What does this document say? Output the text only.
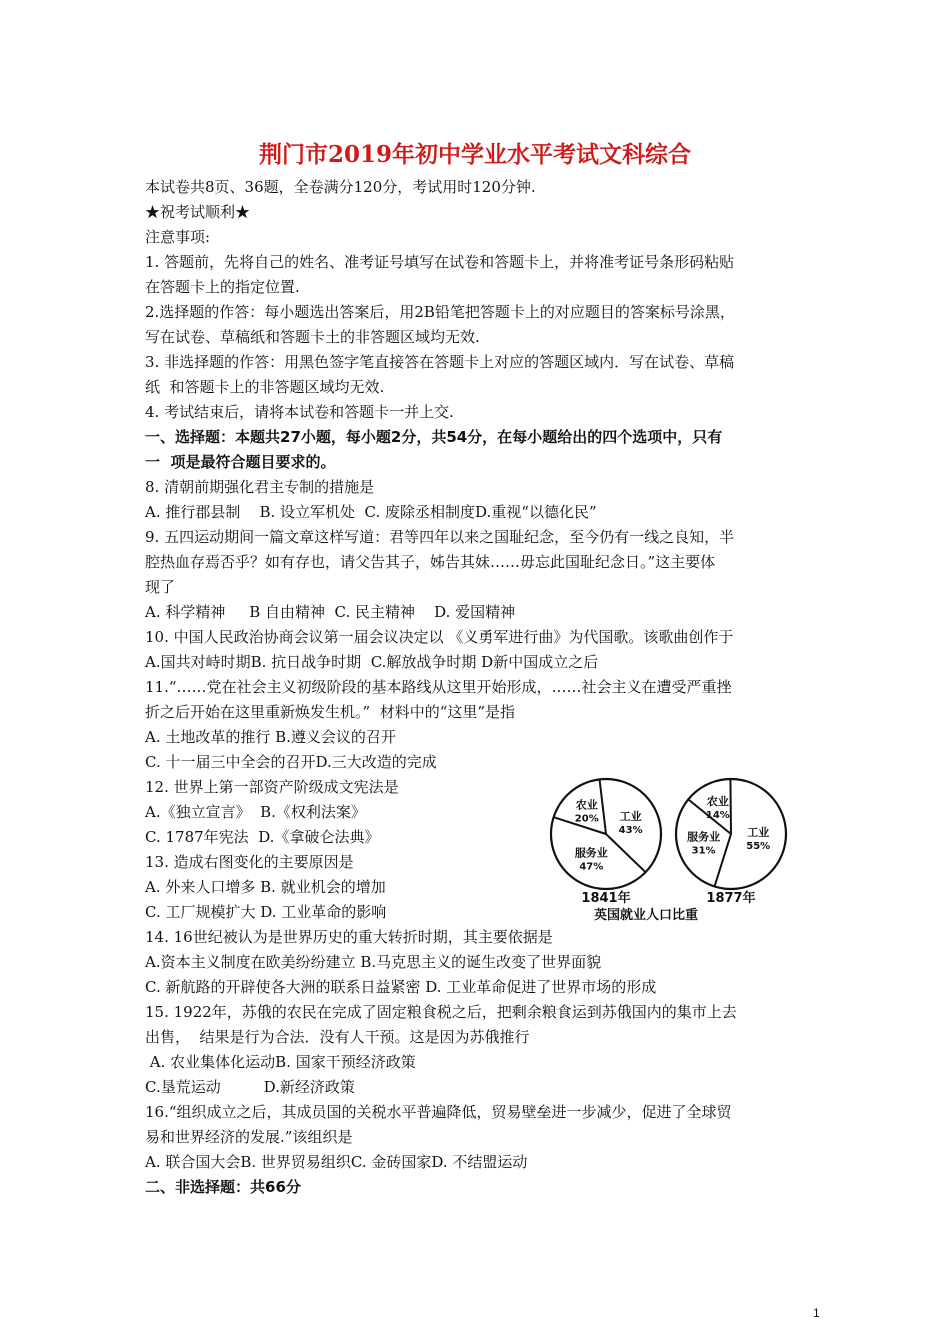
荆门市2019年初中学业水平考试文科综合
本试卷共8页、36题，全卷满分120分，考试用时120分钟.
★祝考试顺利★
注意事项:
1. 答题前，先将自己的姓名、准考证号填写在试卷和答题卡上，并将准考证号条形码粘贴
在答题卡上的指定位置.
2.选择题的作答：每小题选出答案后，用2B铅笔把答题卡上的对应题目的答案标号涂黑，
写在试卷、草稿纸和答题卡土的非答题区域均无效.
3. 非选择题的作答：用黑色签字笔直接答在答题卡上对应的答题区域内．写在试卷、草稿
纸  和答题卡上的非答题区域均无效.
4. 考试结束后，请将本试卷和答题卡一并上交.
一、选择题：本题共27小题，每小题2分，共54分，在每小题给出的四个选项中，只有
一  项是最符合题目要求的。
8. 清朝前期强化君主专制的措施是
A. 推行郡县制    B. 设立军机处  C. 废除丞相制度D.重视“以德化民”
9. 五四运动期间一篇文章这样写道：君等四年以来之国耻纪念，至今仍有一线之良知，半
腔热血存焉否乎？如有存也，请父告其子，姊告其妹……毋忘此国耻纪念日。”这主要体
现了
A. 科学精神     B 自由精神  C. 民主精神    D. 爱国精神
10. 中国人民政治协商会议第一届会议决定以 《义勇军进行曲》为代国歌。该歌曲创作于
A.国共对峙时期B. 抗日战争时期  C.解放战争时期 D新中国成立之后
11.“……党在社会主义初级阶段的基本路线从这里开始形成，……社会主义在遭受严重挫
折之后开始在这里重新焕发生机。”  材料中的“这里”是指
A. 土地改革的推行 B.遵义会议的召开
C. 十一届三中全会的召开D.三大改造的完成
12. 世界上第一部资产阶级成文宪法是
A.《独立宣言》  B.《权利法案》
C. 1787年宪法  D.《拿破仑法典》
13. 造成右图变化的主要原因是
A. 外来人口增多 B. 就业机会的增加
C. 工厂规模扩大 D. 工业革命的影响
14. 16世纪被认为是世界历史的重大转折时期，其主要依据是
A.资本主义制度在欧美纷纷建立 B.马克思主义的诞生改变了世界面貌
C. 新航路的开辟使各大洲的联系日益紧密 D. 工业革命促进了世界市场的形成
15. 1922年，苏俄的农民在完成了固定粮食税之后，把剩余粮食运到苏俄国内的集市上去
出售，  结果是行为合法．没有人干预。这是因为苏俄推行
A. 农业集体化运动B. 国家干预经济政策
C.垦荒运动         D.新经济政策
16.“组织成立之后，其成员国的关税水平普遍降低，贸易壁垒进一步减少，促进了全球贸
易和世界经济的发展.”该组织是
A. 联合国大会B. 世界贸易组织C. 金砖国家D. 不结盟运动
二、非选择题：共66分
农业
20% 工业
43%
服务业
47%
1841年
农业
14%
工业
55%
服务业
31%
1877年
英国就业人口比重
1
